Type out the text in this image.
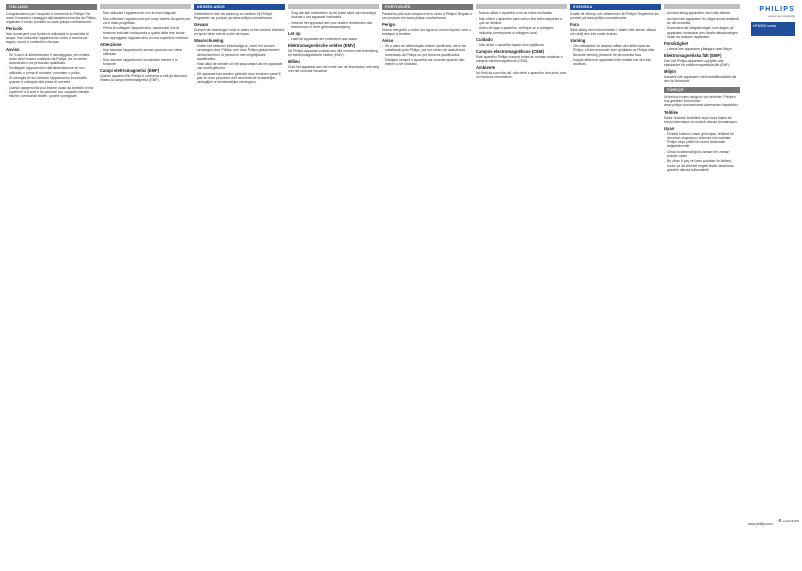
PHILIPS
sense and simplicity
HP8/300 series
ITALIANO

Congratulazioni per l'acquisto e benvenuti in Philips! Per trarre il massimo vantaggio dall'assistenza fornita da Philips, registrate il vostro prodotto su www.philips.com/welcome.

Pericolo

Non immergere mai l'unità né utilizzarla in prossimità di acqua. Non utilizzare l'apparecchio vicino a vasche da bagno, docce o contenitori d'acqua.

Avviso
- Se il cavo di alimentazione è danneggiato, per evitare rischi deve essere sostituito da Philips, da un centro autorizzato o da personale qualificato.
- Scollegare l'apparecchio dall'alimentazione se non utilizzato o prima di montare, smontare o pulire.
- Si consiglia di non lasciare l'apparecchio incustodito quando è collegato alla presa di corrente.
- Questo apparecchio può essere usato da bambini di età superiore a 8 anni e da persone con capacità mentali, fisiche o sensoriali ridotte, purché sorvegliate.
- Non utilizzare l'apparecchio con le mani bagnate.
- Non utilizzare l'apparecchio per scopi diversi da quello per cui è stato progettato.
- Prima di collegare l'apparecchio, assicurarsi che la tensione indicata corrisponda a quella della rete locale.
- Non appoggiare l'apparecchio su una superficie morbida.
Attenzione
- Non lasciare l'apparecchio acceso quando non viene utilizzato.
- Non lasciare l'apparecchio incustodito mentre è in funzione.
Campi elettromagnetici (EMF)

Questo apparecchio Philips è conforme a tutti gli standard relativi ai campi elettromagnetici (EMF).

NEDERLANDS

Gefeliciteerd met uw aankoop en welkom bij Philips! Registreer uw product op www.philips.com/welcome.

Gevaar

Dompel de haardroger nooit in water of een andere vloeistof en spoel deze niet af onder de kraan.

Waarschuwing
- Indien het netsnoer beschadigd is, moet het worden vervangen door Philips, een door Philips geautoriseerd servicecentrum of personen met vergelijkbare kwalificaties.
- Haal altijd de stekker uit het stopcontact als het apparaat niet wordt gebruikt.
- Dit apparaat kan worden gebruikt door kinderen vanaf 8 jaar en door personen met verminderde lichamelijke, zintuiglijke of verstandelijke vermogens.
- Zorg dat alle onderdelen op de juiste wijze zijn bevestigd voordat u het apparaat inschakelt.
- Gebruik het apparaat niet voor andere doeleinden dan beschreven in deze gebruiksaanwijzing.
Let op
- Laat het apparaat niet onbeheerd aan staan.
Elektromagnetische velden (EMV)

Dit Philips-apparaat voldoet aan alle normen met betrekking tot elektromagnetische velden (EMV).

Milieu

Gooi het apparaat aan het einde van de levensduur niet weg met het normale huisafval.

PORTUGUÊS

Parabéns pela sua compra e bem-vindo à Philips! Registe o seu produto em www.philips.com/welcome.

Perigo

Nunca mergulhe o motor em água ou noutro líquido, nem o enxagúe à torneira.

Aviso
- Se o cabo de alimentação estiver danificado, deve ser substituído pela Philips, por um centro de assistência autorizado da Philips ou por técnicos qualificados.
- Desligue sempre o aparelho da corrente quando não estiver a ser utilizado.
- Nunca utilize o aparelho com as mãos molhadas.
- Não utilize o aparelho para outros fins além daqueles a que se destina.
- Antes de ligar o aparelho, verifique se a voltagem indicada corresponde à voltagem local.
Cuidado
- Não deixe o aparelho ligado sem vigilância.
Campos electromagnéticos (CEM)

Este aparelho Philips cumpre todas as normas relativas a campos electromagnéticos (CEM).

Ambiente

No final da sua vida útil, não deite o aparelho fora junto com os resíduos domésticos.

SVENSKA

Grattis till ditt köp och välkommen till Philips! Registrera din produkt på www.philips.com/welcome.

Fara

Sänk aldrig ned motorenheten i vatten eller annan vätska och skölj den inte under kranen.

Varning
- Om nätsladden är skadad måste den alltid bytas av Philips, ett servicecenter som godkänts av Philips eller liknande behörig personal för att undvika fara.
- Koppla alltid bort apparaten från elnätet när den inte används.
- Använd aldrig apparaten med våta händer.
- Använd inte apparaten för något annat ändamål än det avsedda.
- Kontrollera att nätspänningen som anges på apparaten motsvarar den lokala nätspänningen innan du ansluter apparaten.
Försiktighet
- Lämna inte apparaten påslagen utan tillsyn.
Elektromagnetiska fält (EMF)

Den här Philips-apparaten uppfyller alla standarder för elektromagnetiska fält (EMF).

Miljön

Kassera inte apparaten med hushållsavfallet när den är förbrukad.

TÜRKÇE

Ürününüzü satın aldığınız için tebrikler, Philips'e hoş geldiniz! Ürününüzü www.philips.com/welcome adresinden kaydettirin.

Tehlike

Motor ünitesini kesinlikle suya veya başka bir sıvıya batırmayın ve musluk altında durulamayın.

Uyarı
- Elektrik kablosu hasar görmüşse, tehlikeli bir durumun oluşmasını önlemek için mutlaka Philips veya yetkili bir servis tarafından değiştirilmelidir.
- Cihazı kullanmadığınız zaman her zaman prizden çekin.
- Bu cihaz 8 yaş ve üzeri çocuklar ile fiziksel, motor ya da zihinsel engelli kişiler tarafından gözetim altında kullanılabilir.
www.philips.com
♻ ecoPHILIPS
